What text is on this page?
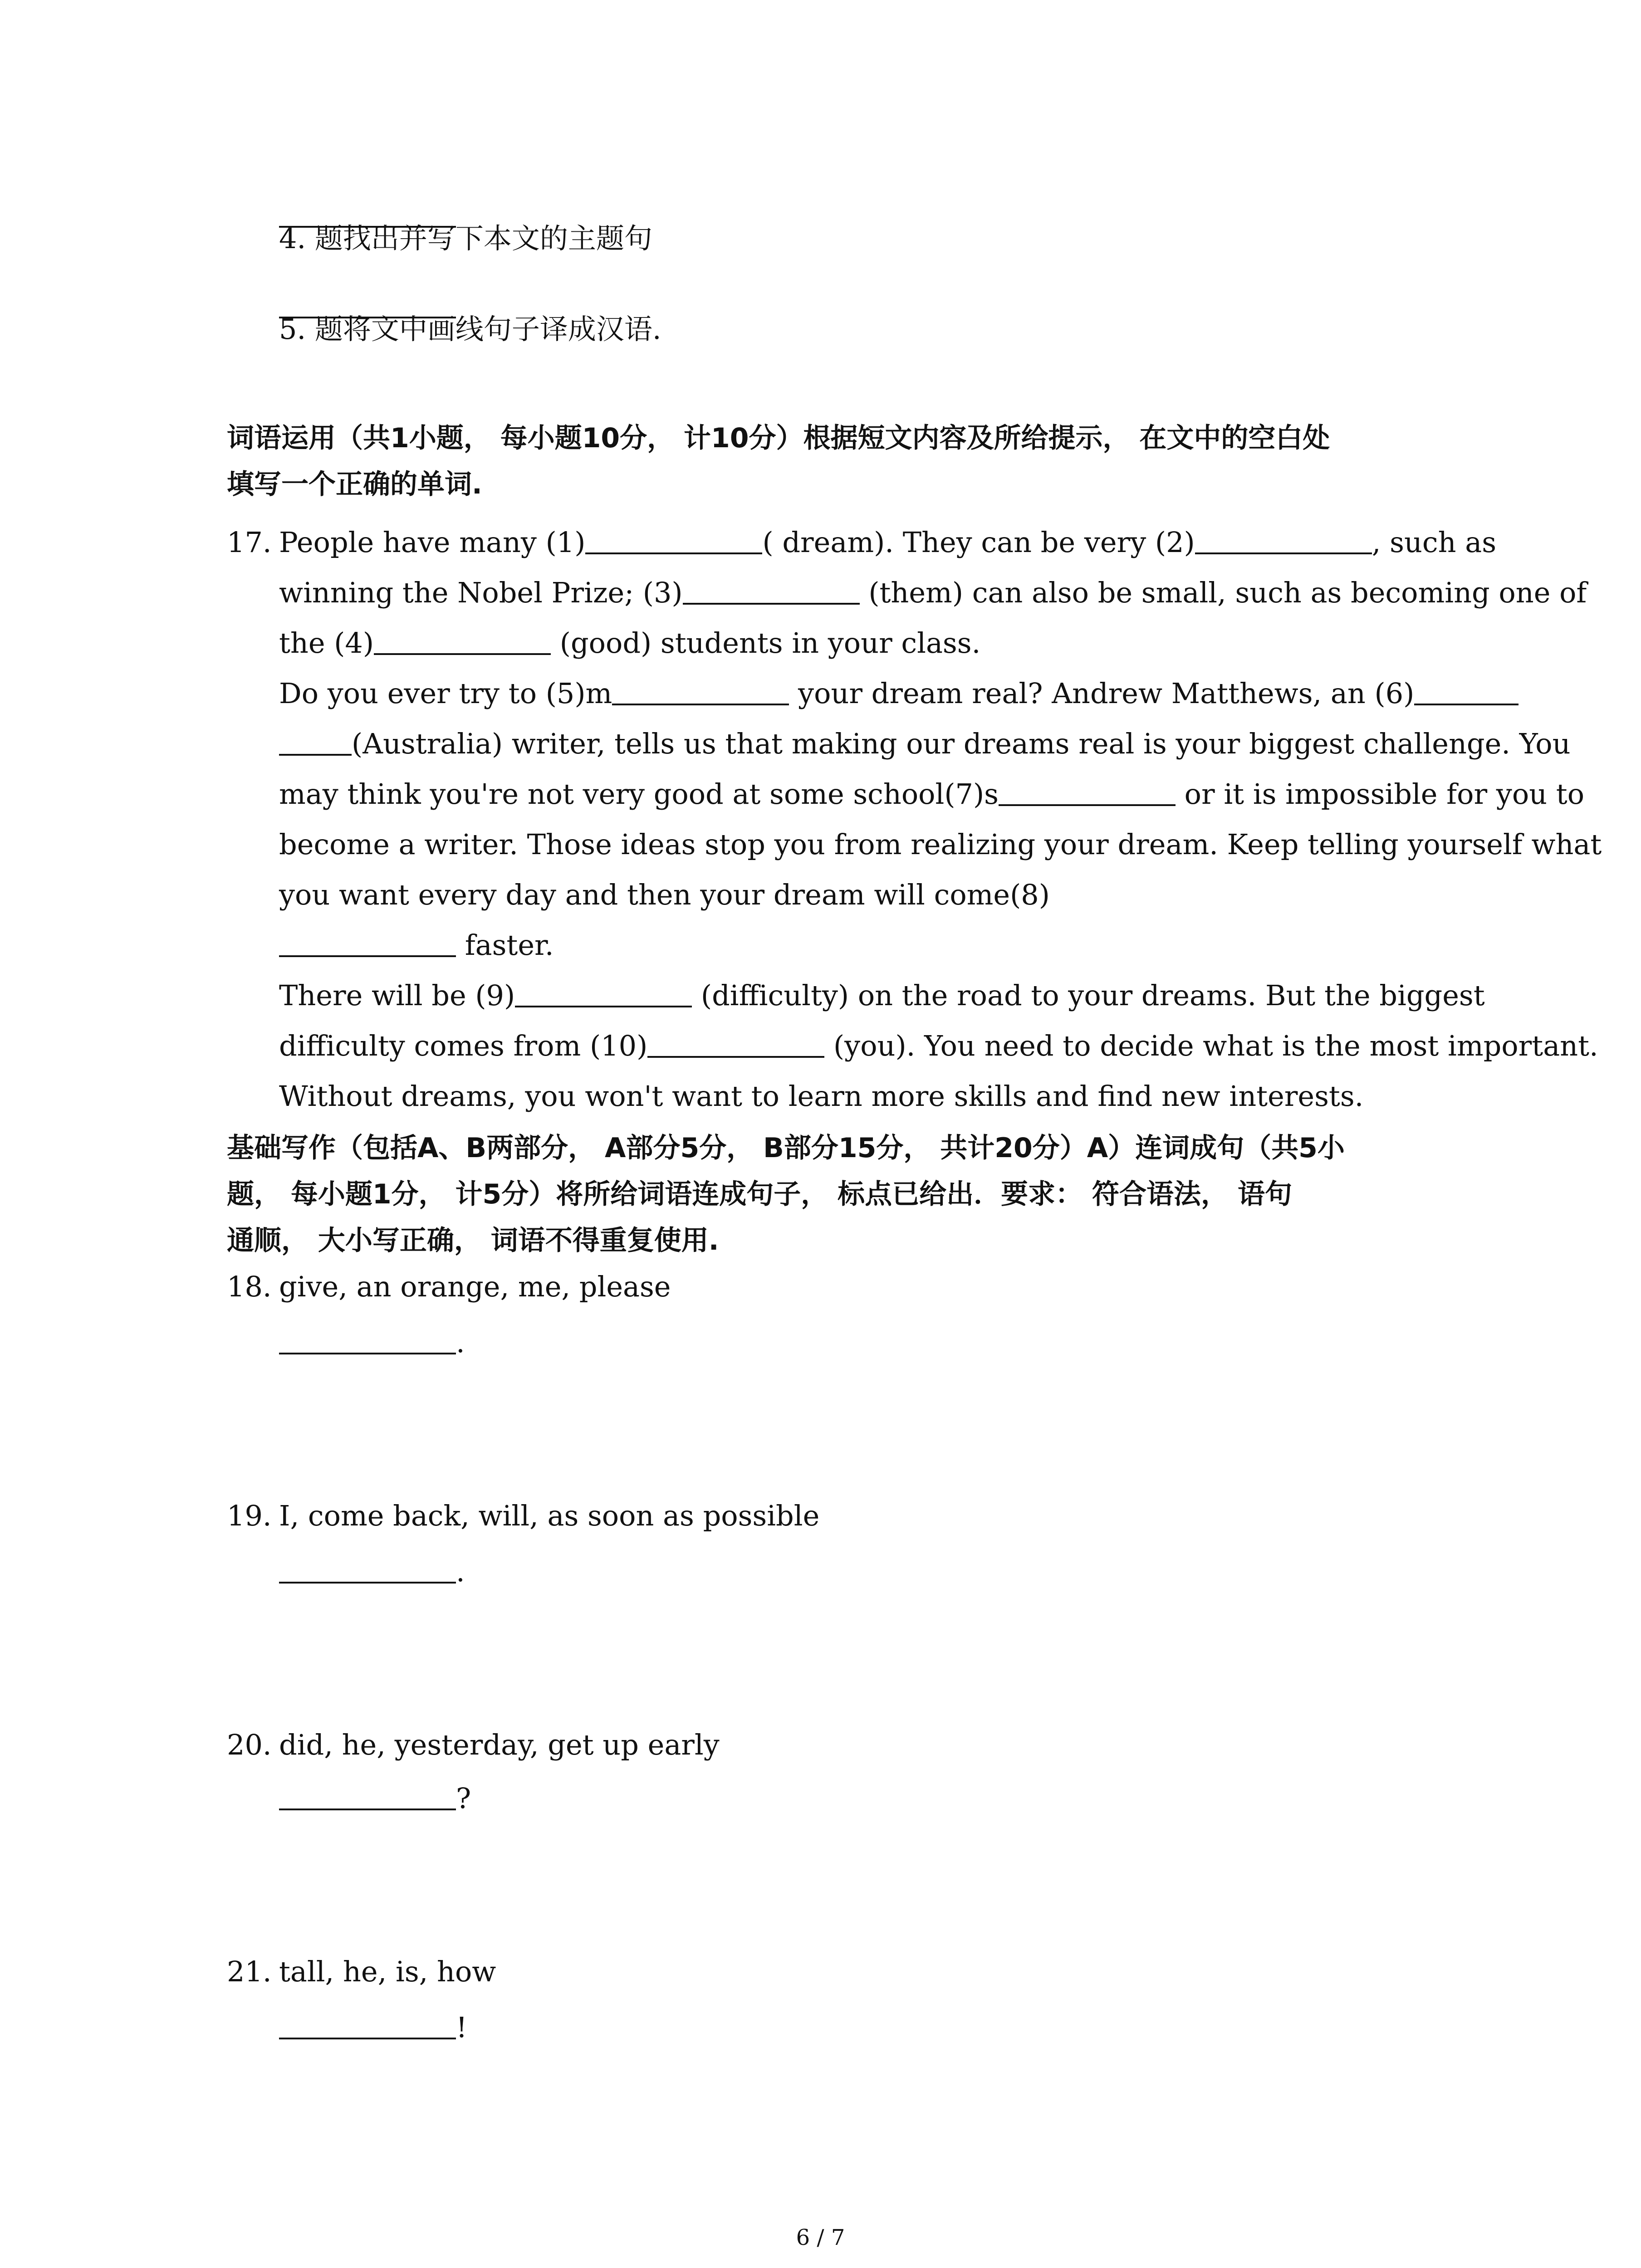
4. 题找出并写下本文的主题句
5. 题将文中画线句子译成汉语.
词语运用（共1小题， 每小题10分， 计10分）根据短文内容及所给提示， 在文中的空白处
填写一个正确的单词.
17. People have many (1)	( dream). They can be very (2)	, such as
winning the Nobel Prize; (3)	(them) can also be small, such as becoming one of
the (4)	(good) students in your class.
Do you ever try to (5)m	your dream real? Andrew Matthews, an (6)
(Australia) writer, tells us that making our dreams real is your biggest challenge. You
may think you're not very good at some school(7)s	or it is impossible for you to
become a writer. Those ideas stop you from realizing your dream. Keep telling yourself what
you want every day and then your dream will come(8)
faster.
There will be (9)	(difficulty) on the road to your dreams. But the biggest
difficulty comes from (10)	(you). You need to decide what is the most important.
Without dreams, you won't want to learn more skills and find new interests.
基础写作（包括A、B两部分， A部分5分， B部分15分， 共计20分）A）连词成句（共5小
题， 每小题1分， 计5分）将所给词语连成句子， 标点已给出．要求： 符合语法， 语句
通顺， 大小写正确， 词语不得重复使用.
18. give, an orange, me, please
.
19. I, come back, will, as soon as possible
.
20. did, he, yesterday, get up early
?
21. tall, he, is, how
!
6 / 7
